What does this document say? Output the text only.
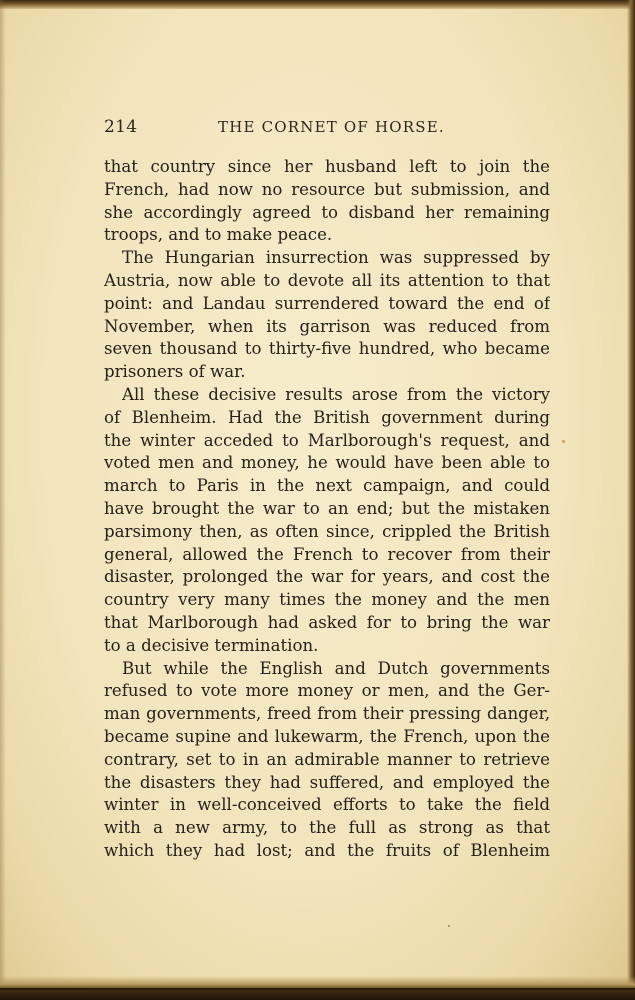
214	THE CORNET OF HORSE.
that country since her husband left to join the
French, had now no resource but submission, and
she accordingly agreed to disband her remaining
troops, and to make peace.
The Hungarian insurrection was suppressed by
Austria, now able to devote all its attention to that
point: and Landau surrendered toward the end of
November, when its garrison was reduced from
seven thousand to thirty-five hundred, who became
prisoners of war.
All these decisive results arose from the victory
of Blenheim. Had the British government during
the winter acceded to Marlborough's request, and
voted men and money, he would have been able to
march to Paris in the next campaign, and could
have brought the war to an end; but the mistaken
parsimony then, as often since, crippled the British
general, allowed the French to recover from their
disaster, prolonged the war for years, and cost the
country very many times the money and the men
that Marlborough had asked for to bring the war
to a decisive termination.
But while the English and Dutch governments
refused to vote more money or men, and the Ger-
man governments, freed from their pressing danger,
became supine and lukewarm, the French, upon the
contrary, set to in an admirable manner to retrieve
the disasters they had suffered, and employed the
winter in well-conceived efforts to take the field
with a new army, to the full as strong as that
which they had lost; and the fruits of Blenheim
